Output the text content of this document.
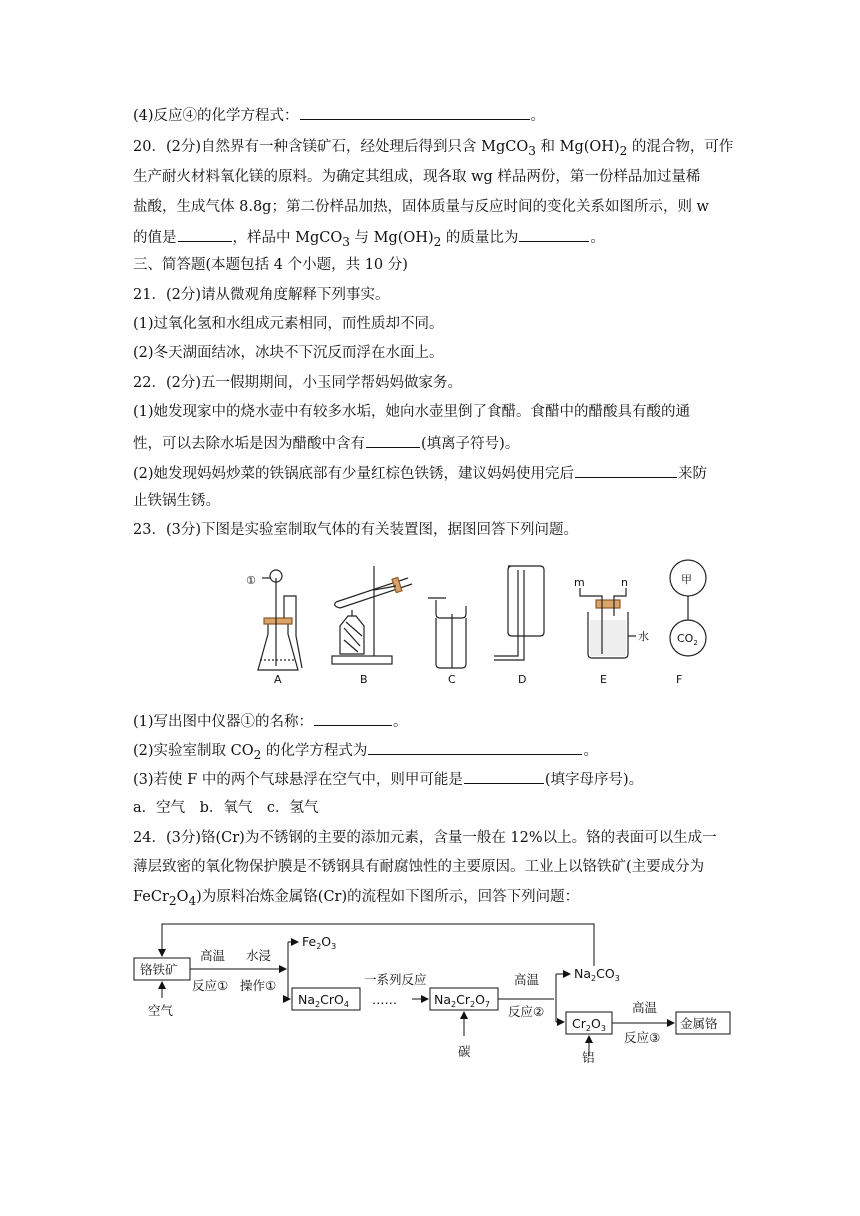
(4)反应④的化学方程式：	。
20．(2分)自然界有一种含镁矿石，经处理后得到只含 MgCO$_3$ 和 $Mg(OH)_2$ 的混合物，可作
生产耐火材料氧化镁的原料。为确定其组成，现各取 wg 样品两份，第一份样品加过量稀
盐酸，生成气体 8.8g；第二份样品加热，固体质量与反应时间的变化关系如图所示，则 w
的值是	，样品中 MgCO$_3$ 与 $Mg(OH)_2$ 的质量比为	。
三、简答题(本题包括 4 个小题，共 10 分)
21．(2分)请从微观角度解释下列事实。
(1)过氧化氢和水组成元素相同，而性质却不同。
(2)冬天湖面结冰，冰块不下沉反而浮在水面上。
22．(2分)五一假期期间，小玉同学帮妈妈做家务。
(1)她发现家中的烧水壶中有较多水垢，她向水壶里倒了食醋。食醋中的醋酸具有酸的通
性，可以去除水垢是因为醋酸中含有	(填离子符号)。
(2)她发现妈妈炒菜的铁锅底部有少量红棕色铁锈，建议妈妈使用完后	来防
止铁锅生锈。
23．(3分)下图是实验室制取气体的有关装置图，据图回答下列问题。
①
A	B	C	D	E	F
m	n
水
甲
$CO_2$
(1)写出图中仪器①的名称：	。
(2)实验室制取 $CO_2$ 的化学方程式为	。
(3)若使 F 中的两个气球悬浮在空气中，则甲可能是	(填字母序号)。
a．空气　b．氧气　c．氢气
24．(3分)铬(Cr)为不锈钢的主要的添加元素，含量一般在 12%以上。铬的表面可以生成一
薄层致密的氧化物保护膜是不锈钢具有耐腐蚀性的主要原因。工业上以铬铁矿(主要成分为
$FeCr_2O_4$)为原料冶炼金属铬(Cr)的流程如下图所示，回答下列问题：
铬铁矿
空气
高温
反应①
水浸
操作①
$Fe_2O_3$
$Na_2CrO_4$ ……
一系列反应
$Na_2Cr_2O_7$
碳
高温
反应②
$Na_2CO_3$
$Cr_2O_3$
铝
高温
反应③
金属铬
